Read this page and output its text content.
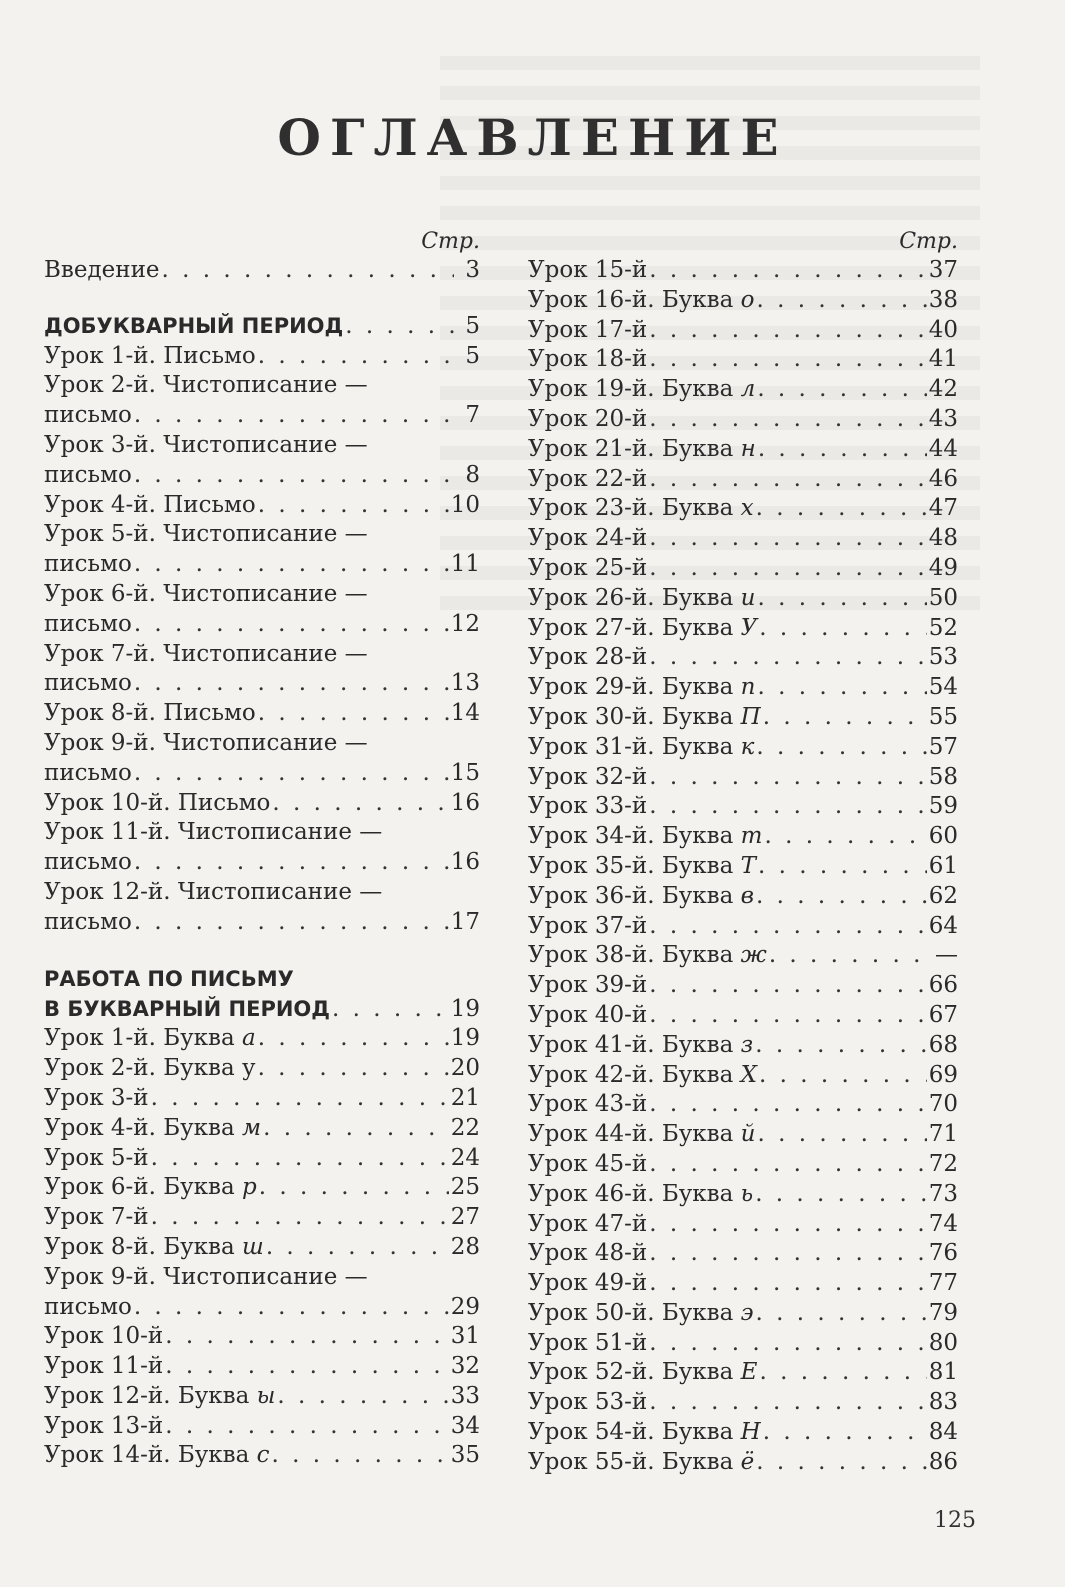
ОГЛАВЛЕНИЕ
Стр.
Введение . . .	3
ДОБУКВАРНЫЙ ПЕРИОД . . .	5
Урок 1-й. Письмо . . .	5
Урок 2-й. Чистописание —
письмо . . .	7
Урок 3-й. Чистописание —
письмо . . .	8
Урок 4-й. Письмо . . .	10
Урок 5-й. Чистописание —
письмо . . .	11
Урок 6-й. Чистописание —
письмо . . .	12
Урок 7-й. Чистописание —
письмо . . .	13
Урок 8-й. Письмо . . .	14
Урок 9-й. Чистописание —
письмо . . .	15
Урок 10-й. Письмо . . .	16
Урок 11-й. Чистописание —
письмо . . .	16
Урок 12-й. Чистописание —
письмо . . .	17
РАБОТА ПО ПИСЬМУ
В БУКВАРНЫЙ ПЕРИОД . . .	19
Урок 1-й. Буква а . . .	19
Урок 2-й. Буква у . . .	20
Урок 3-й . . .	21
Урок 4-й. Буква м . . .	22
Урок 5-й . . .	24
Урок 6-й. Буква р . . .	25
Урок 7-й . . .	27
Урок 8-й. Буква ш . . .	28
Урок 9-й. Чистописание —
письмо . . .	29
Урок 10-й . . .	31
Урок 11-й . . .	32
Урок 12-й. Буква ы . . .	33
Урок 13-й . . .	34
Урок 14-й. Буква с . . .	35
Стр.
Урок 15-й . . .	37
Урок 16-й. Буква о . . .	38
Урок 17-й . . .	40
Урок 18-й . . .	41
Урок 19-й. Буква л . . .	42
Урок 20-й . . .	43
Урок 21-й. Буква н . . .	44
Урок 22-й . . .	46
Урок 23-й. Буква х . . .	47
Урок 24-й . . .	48
Урок 25-й . . .	49
Урок 26-й. Буква и . . .	50
Урок 27-й. Буква У . . .	52
Урок 28-й . . .	53
Урок 29-й. Буква п . . .	54
Урок 30-й. Буква П . . .	55
Урок 31-й. Буква к . . .	57
Урок 32-й . . .	58
Урок 33-й . . .	59
Урок 34-й. Буква т . . .	60
Урок 35-й. Буква Т . . .	61
Урок 36-й. Буква в . . .	62
Урок 37-й . . .	64
Урок 38-й. Буква ж . . .	—
Урок 39-й . . .	66
Урок 40-й . . .	67
Урок 41-й. Буква з . . .	68
Урок 42-й. Буква Х . . .	69
Урок 43-й . . .	70
Урок 44-й. Буква й . . .	71
Урок 45-й . . .	72
Урок 46-й. Буква ь . . .	73
Урок 47-й . . .	74
Урок 48-й . . .	76
Урок 49-й . . .	77
Урок 50-й. Буква э . . .	79
Урок 51-й . . .	80
Урок 52-й. Буква Е . . .	81
Урок 53-й . . .	83
Урок 54-й. Буква Н . . .	84
Урок 55-й. Буква ё . . .	86
125
